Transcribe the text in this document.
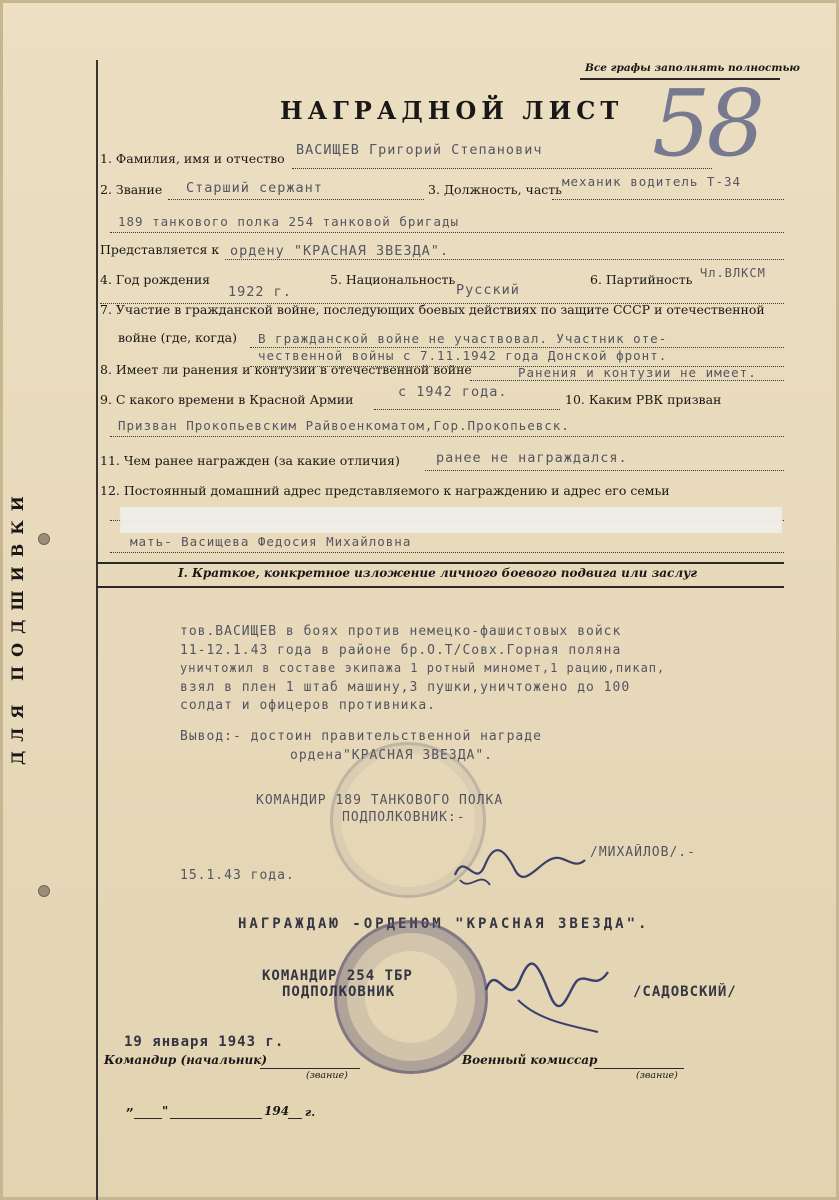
ДЛЯ ПОДШИВКИ
Все графы заполнять полностью
НАГРАДНОЙ ЛИСТ 58
1. Фамилия, имя и отчество
ВАСИЩЕВ Григорий Степанович
2. Звание Старший сержант	3. Должность, часть
механик водитель Т-34
189 танкового полка 254 танковой бригады
Представляется к ордену "КРАСНАЯ ЗВЕЗДА".
4. Год рождения
1922 г.
5. Национальность
Русский
6. Партийность Чл.ВЛКСМ
7. Участие в гражданской войне, последующих боевых действиях по защите СССР и отечественной
войне (где, когда) В гражданской войне не участвовал. Участник оте-
чественной войны с 7.11.1942 года Донской фронт.
8. Имеет ли ранения и контузии в отечественной войне	Ранения и контузии не имеет.
9. С какого времени в Красной Армии	с 1942 года.	10. Каким РВК призван
Призван Прокопьевским Райвоенкоматом,Гор.Прокопьевск.
11. Чем ранее награжден (за какие отличия)	ранее не награждался.
12. Постоянный домашний адрес представляемого к награждению и адрес его семьи
мать- Васищева Федосия Михайловна
I. Краткое, конкретное изложение личного боевого подвига или заслуг
тов.ВАСИЩЕВ в боях против немецко-фашистовых войск
11-12.1.43 года в районе бр.О.Т/Совх.Горная поляна
уничтожил в составе экипажа 1 ротный миномет,1 рацию,пикап,
взял в плен 1 штаб машину,3 пушки,уничтожено до 100
солдат и офицеров противника.
Вывод:- достоин правительственной награде
ордена"КРАСНАЯ ЗВЕЗДА".
КОМАНДИР 189 ТАНКОВОГО ПОЛКА
ПОДПОЛКОВНИК:-
/МИХАЙЛОВ/.-
15.1.43 года.
НАГРАЖДАЮ -ОРДЕНОМ "КРАСНАЯ ЗВЕЗДА".
КОМАНДИР 254 ТБР
ПОДПОЛКОВНИК	/САДОВСКИЙ/
19 января 1943 г.
Командир (начальник)
(звание)
Военный комиссар
(звание)
„ "	194 г.
